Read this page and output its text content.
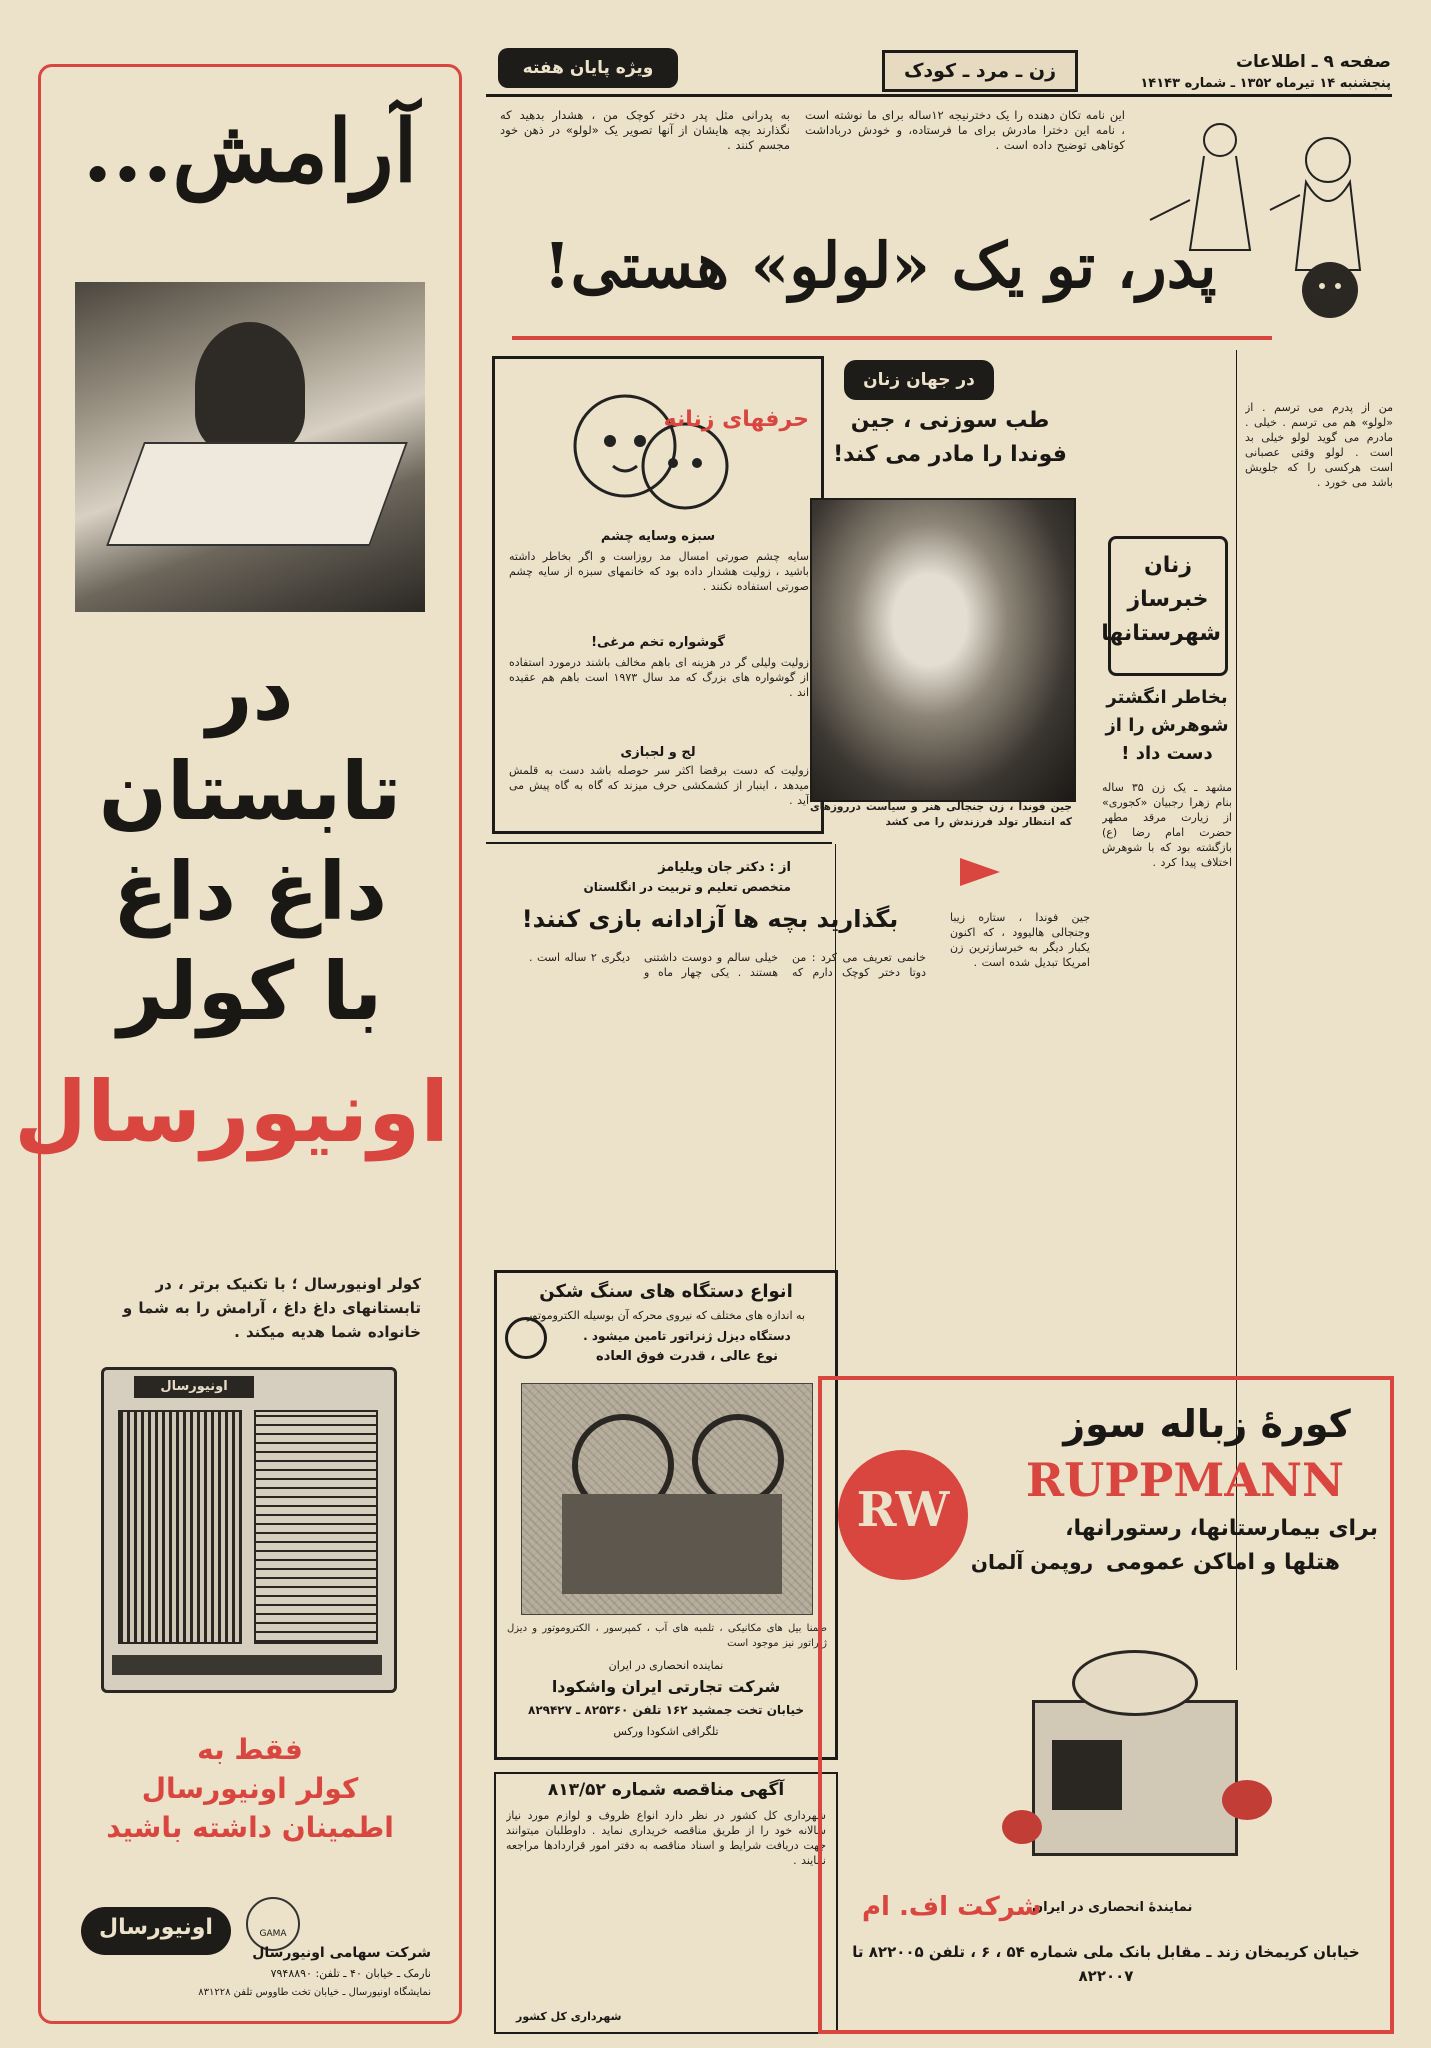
آرامش...
در
تابستان
داغ داغ
با کولر
اونیورسال
کولر اونیورسال ؛ با تکنیک برتر ، در تابستانهای داغ داغ ، آرامش را به شما و خانواده شما هدیه میکند .
اونیورسال
فقط به
کولر اونیورسال
اطمینان داشته باشید
اونیورسال	GAMA
شرکت سهامی اونیورسال
نارمک ـ خیابان ۴۰ ـ تلفن: ۷۹۴۸۸۹۰
نمایشگاه اونیورسال ـ خیابان تخت طاووس تلفن ۸۳۱۲۲۸
صفحه ۹ ـ اطلاعات
پنجشنبه ۱۴ تیرماه ۱۳۵۲ ـ شماره ۱۴۱۴۳
زن ـ مرد ـ کودک
ویژه پایان هفته
این نامه تکان دهنده را یک دخترنیجه ۱۲ساله برای ما نوشته است ، نامه این دخترا مادرش برای ما فرستاده، و خودش درباداشت کوتاهی توضیح داده است .
به پدرانی مثل پدر دختر کوچک من ، هشدار بدهید که نگذارند بچه هایشان از آنها تصویر یک «لولو» در ذهن خود مجسم کنند .
پدر، تو یک «لولو» هستی!
من از پدرم می ترسم . از «لولو» هم می ترسم . خیلی . مادرم می گوید لولو خیلی بد است . لولو وقتی عصبانی است هرکسی را که جلویش باشد می خورد .
حرفهای زنانه
سبزه وسایه چشم
سایه چشم صورتی امسال مد روزاست و اگر بخاطر داشته باشید ، زولیت هشدار داده بود که خانمهای سبزه از سایه چشم صورتی استفاده نکنند .
گوشواره تخم مرغی!
زولیت ولیلی گر در هزینه ای باهم مخالف باشند درمورد استفاده از گوشواره های بزرگ که مد سال ۱۹۷۳ است باهم هم عقیده اند .
لج و لجبازی
زولیت که دست برقضا اکثر سر حوصله باشد دست به قلمش میدهد ، اینبار از کشمکشی حرف میزند که گاه به گاه پیش می آید .
در جهان زنان
طب سوزنی ، جین فوندا را مادر می کند!
جین فوندا ، زن جنجالی هنر و سیاست درروزهای که انتظار تولد فرزندش را می کشد
جین فوندا ، ستاره زیبا وجنجالی هالیوود ، که اکنون یکبار دیگر به خبرسازترین زن امریکا تبدیل شده است .
زنان خبرساز شهرستانها
بخاطر انگشتر شوهرش را از دست داد !
مشهد ـ یک زن ۳۵ ساله بنام زهرا رجبیان «کجوری» از زیارت مرقد مطهر حضرت امام رضا (ع) بازگشته بود که با شوهرش اختلاف پیدا کرد .
از : دکتر جان ویلیامز
متخصص تعلیم و تربیت در انگلستان
بگذارید بچه ها آزادانه بازی کنند!
خانمی تعریف می کرد : من دوتا دختر کوچک دارم که خیلی سالم و دوست داشتنی هستند . یکی چهار ماه و دیگری ۲ ساله است .
انواع دستگاه های سنگ شکن
به اندازه های مختلف که نیروی محرکه آن بوسیله الکتروموتور
دستگاه دیزل ژنراتور تامین میشود .
نوع عالی ، قدرت فوق العاده
ضمنا بیل های مکانیکی ، تلمبه های آب ، کمپرسور ، الکتروموتور و دیزل ژنراتور نیز موجود است
نماینده انحصاری در ایران
شرکت تجارتی ایران واشکودا
خیابان تخت جمشید ۱۶۲ تلفن ۸۲۵۳۶۰ ـ ۸۲۹۴۲۷
تلگرافی اشکودا ورکس
آگهی مناقصه شماره ۸۱۳/۵۲
شهرداری کل کشور در نظر دارد انواع ظروف و لوازم مورد نیاز سالانه خود را از طریق مناقصه خریداری نماید . داوطلبان میتوانند جهت دریافت شرایط و اسناد مناقصه به دفتر امور قراردادها مراجعه نمایند .
شهرداری کل کشور
کورهٔ زباله سوز
RW
RUPPMANN
روپمن آلمان
برای بیمارستانها، رستورانها،
هتلها و اماکن عمومی
نمایندهٔ انحصاری در ایران
شرکت اف. ام
خیابان کریمخان زند ـ مقابل بانک ملی شماره ۵۴ ، ۶ ، تلفن ۸۲۲۰۰۵ تا ۸۲۲۰۰۷
